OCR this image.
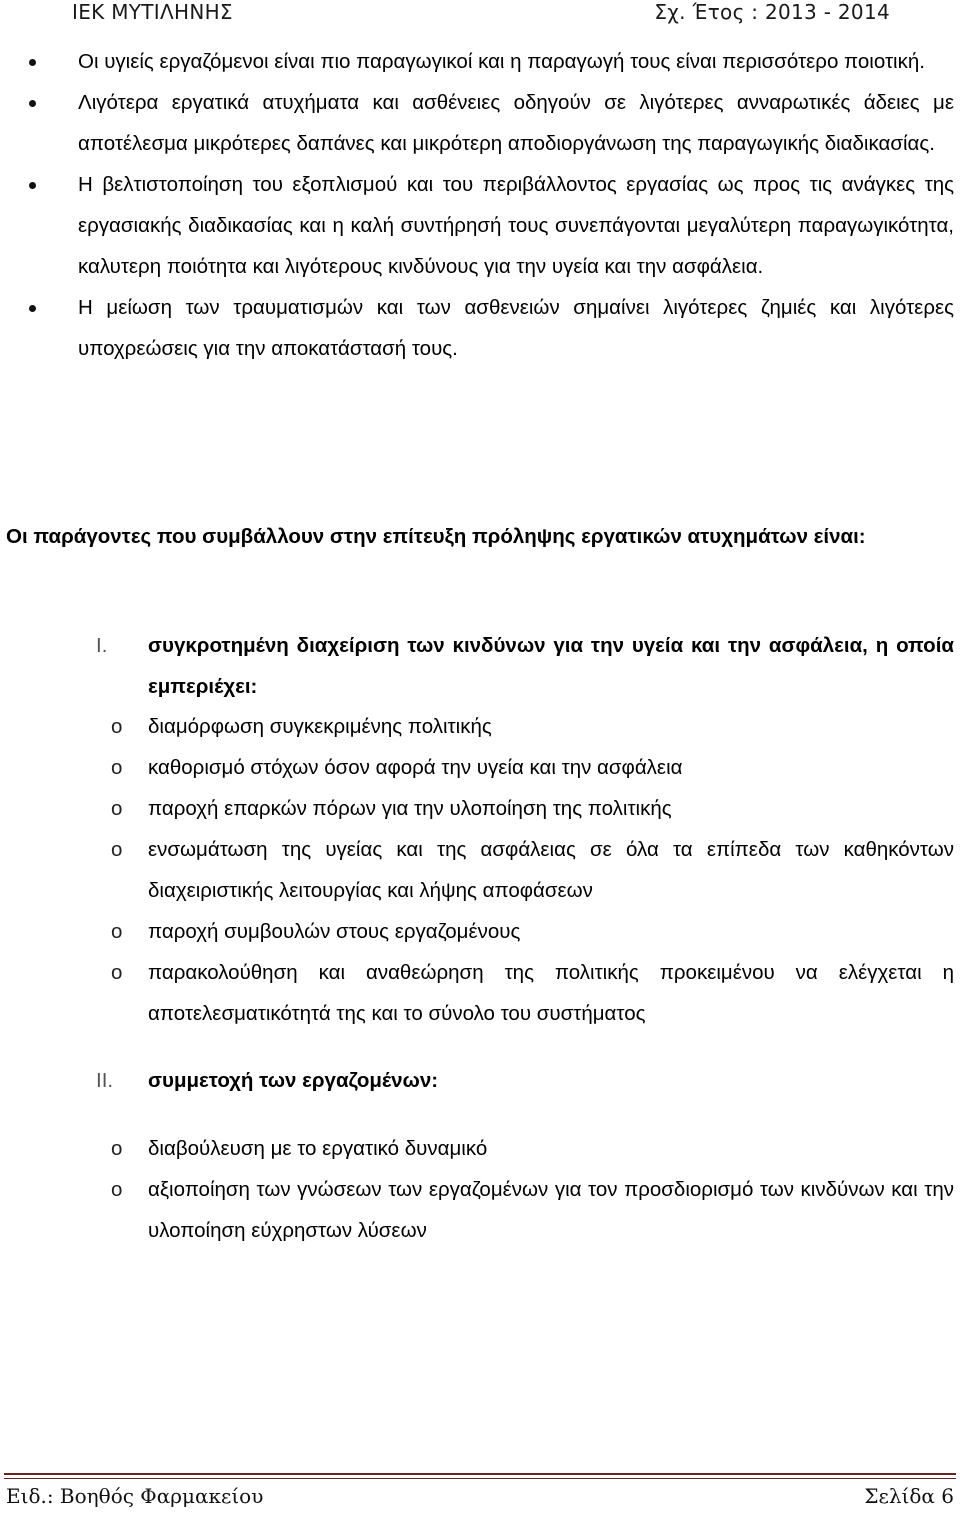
ΙΕΚ ΜΥΤΙΛΗΝΗΣ	Σχ. Έτος : 2013 - 2014
Οι υγιείς εργαζόμενοι είναι πιο παραγωγικοί και η παραγωγή τους είναι περισσότερο ποιοτική.
Λιγότερα εργατικά ατυχήματα και ασθένειες οδηγούν σε λιγότερες ανναρωτικές άδειες με αποτέλεσμα μικρότερες δαπάνες και μικρότερη αποδιοργάνωση της παραγωγικής διαδικασίας.
Η βελτιστοποίηση του εξοπλισμού και του περιβάλλοντος εργασίας ως προς τις ανάγκες της εργασιακής διαδικασίας και η καλή συντήρησή τους συνεπάγονται μεγαλύτερη παραγωγικότητα, καλυτερη ποιότητα και λιγότερους κινδύνους για την υγεία και την ασφάλεια.
Η μείωση των τραυματισμών και των ασθενειών σημαίνει λιγότερες ζημιές και λιγότερες υποχρεώσεις για την αποκατάστασή τους.
Οι παράγοντες που συμβάλλουν στην επίτευξη πρόληψης εργατικών ατυχημάτων είναι:
I. συγκροτημένη διαχείριση των κινδύνων για την υγεία και την ασφάλεια, η οποία εμπεριέχει:
o διαμόρφωση συγκεκριμένης πολιτικής
o καθορισμό στόχων όσον αφορά την υγεία και την ασφάλεια
o παροχή επαρκών πόρων για την υλοποίηση της πολιτικής
o ενσωμάτωση της υγείας και της ασφάλειας σε όλα τα επίπεδα των καθηκόντων διαχειριστικής λειτουργίας και λήψης αποφάσεων
o παροχή συμβουλών στους εργαζομένους
o παρακολούθηση και αναθεώρηση της πολιτικής προκειμένου να ελέγχεται η αποτελεσματικότητά της και το σύνολο του συστήματος
II. συμμετοχή των εργαζομένων:
o διαβούλευση με το εργατικό δυναμικό
o αξιοποίηση των γνώσεων των εργαζομένων για τον προσδιορισμό των κινδύνων και την υλοποίηση εύχρηστων λύσεων
Ειδ.: Βοηθός Φαρμακείου	Σελίδα 6
